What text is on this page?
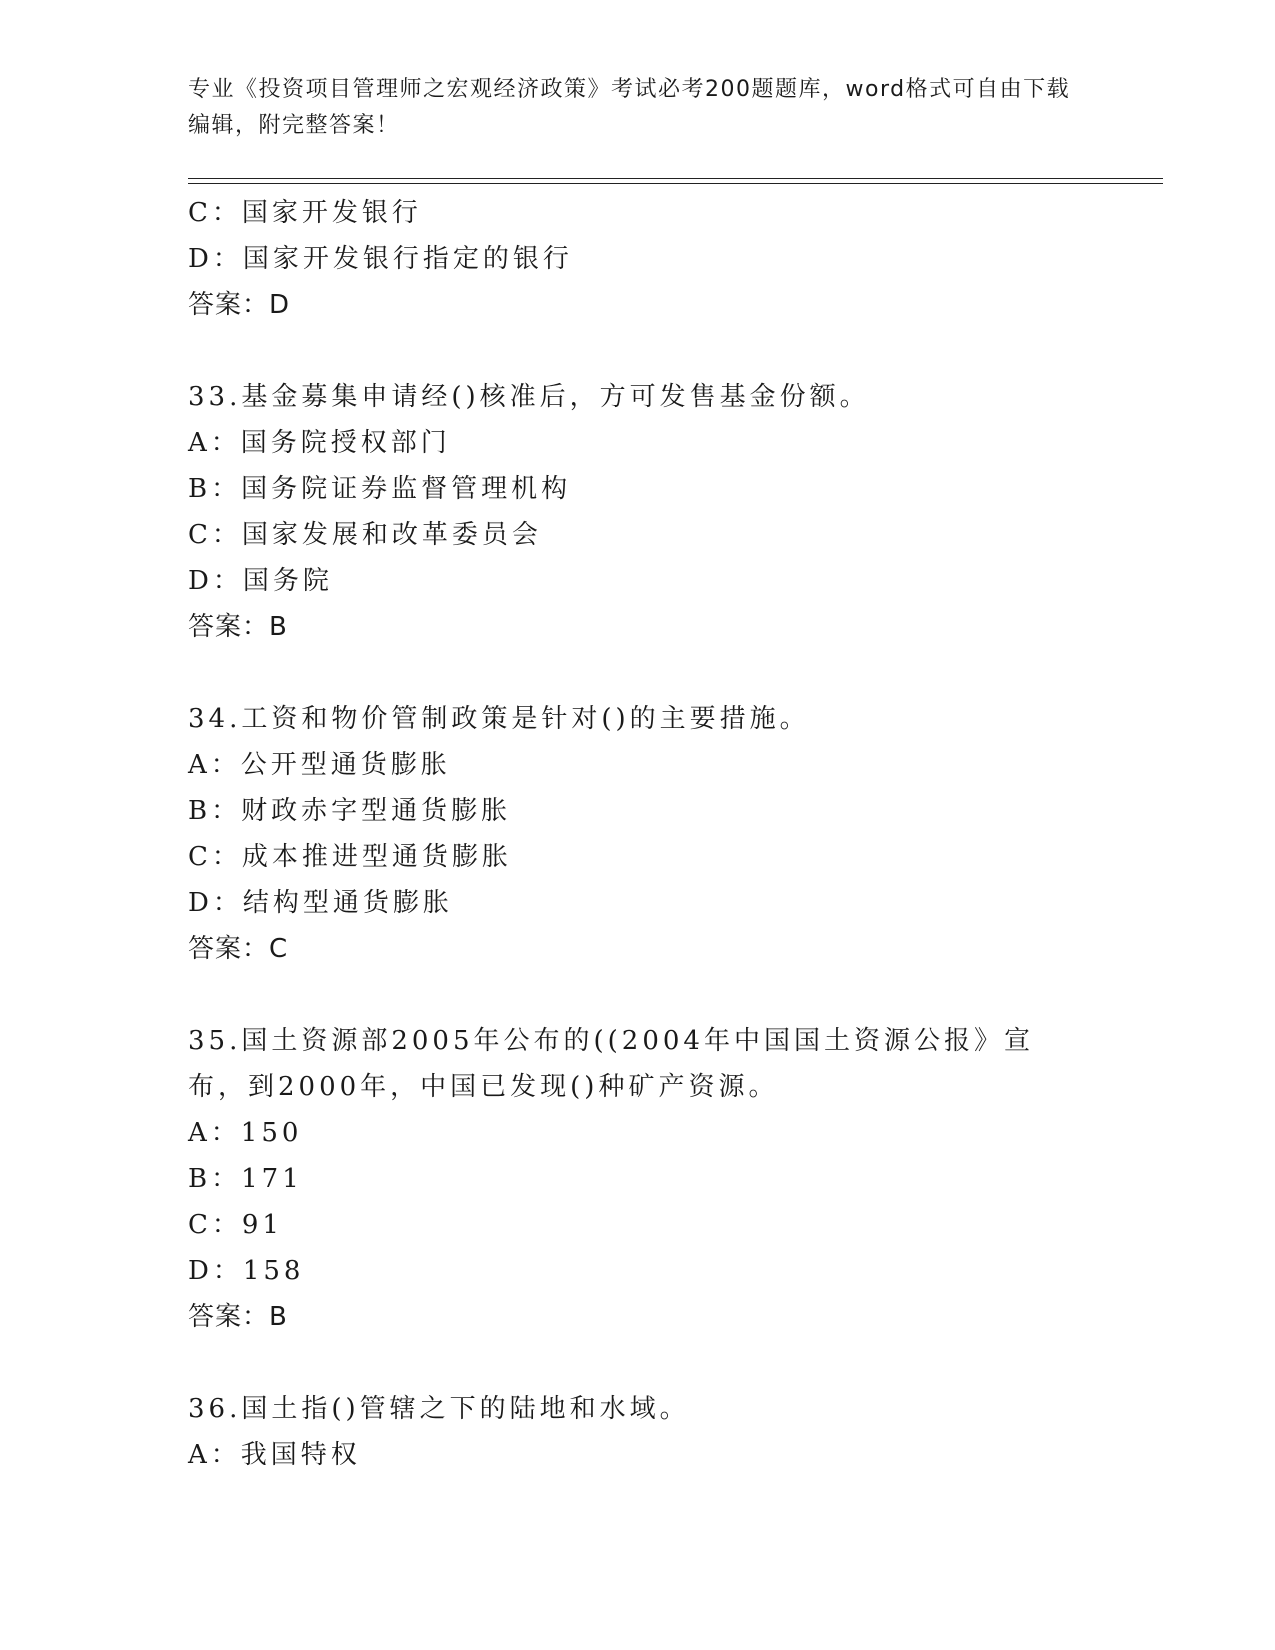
专业《投资项目管理师之宏观经济政策》考试必考200题题库，word格式可自由下载编辑，附完整答案！
C：国家开发银行
D：国家开发银行指定的银行
答案：D
33.基金募集申请经()核准后，方可发售基金份额。
A：国务院授权部门
B：国务院证券监督管理机构
C：国家发展和改革委员会
D：国务院
答案：B
34.工资和物价管制政策是针对()的主要措施。
A：公开型通货膨胀
B：财政赤字型通货膨胀
C：成本推进型通货膨胀
D：结构型通货膨胀
答案：C
35.国土资源部2005年公布的((2004年中国国土资源公报》宣布，到2000年，中国已发现()种矿产资源。
A：150
B：171
C：91
D：158
答案：B
36.国土指()管辖之下的陆地和水域。
A：我国特权
